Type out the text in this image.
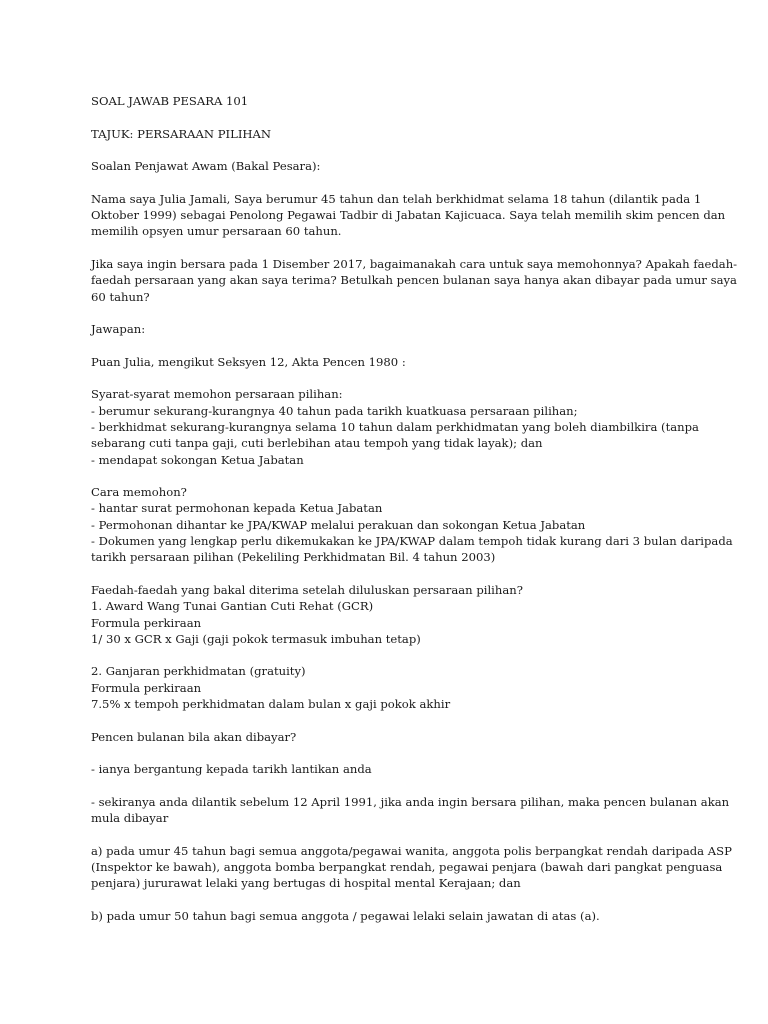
SOAL JAWAB PESARA 101

TAJUK: PERSARAAN PILIHAN

Soalan Penjawat Awam (Bakal Pesara):

Nama saya Julia Jamali, Saya berumur 45 tahun dan telah berkhidmat selama 18 tahun (dilantik pada 1
Oktober 1999) sebagai Penolong Pegawai Tadbir di Jabatan Kajicuaca. Saya telah memilih skim pencen dan
memilih opsyen umur persaraan 60 tahun.

Jika saya ingin bersara pada 1 Disember 2017, bagaimanakah cara untuk saya memohonnya? Apakah faedah-
faedah persaraan yang akan saya terima? Betulkah pencen bulanan saya hanya akan dibayar pada umur saya
60 tahun?

Jawapan:

Puan Julia, mengikut Seksyen 12, Akta Pencen 1980 :

Syarat-syarat memohon persaraan pilihan:
- berumur sekurang-kurangnya 40 tahun pada tarikh kuatkuasa persaraan pilihan;
- berkhidmat sekurang-kurangnya selama 10 tahun dalam perkhidmatan yang boleh diambilkira (tanpa
sebarang cuti tanpa gaji, cuti berlebihan atau tempoh yang tidak layak); dan
- mendapat sokongan Ketua Jabatan

Cara memohon?
- hantar surat permohonan kepada Ketua Jabatan
- Permohonan dihantar ke JPA/KWAP melalui perakuan dan sokongan Ketua Jabatan
- Dokumen yang lengkap perlu dikemukakan ke JPA/KWAP dalam tempoh tidak kurang dari 3 bulan daripada
tarikh persaraan pilihan (Pekeliling Perkhidmatan Bil. 4 tahun 2003)

Faedah-faedah yang bakal diterima setelah diluluskan persaraan pilihan?
1. Award Wang Tunai Gantian Cuti Rehat (GCR)
Formula perkiraan
1/ 30 x GCR x Gaji (gaji pokok termasuk imbuhan tetap)

2. Ganjaran perkhidmatan (gratuity)
Formula perkiraan
7.5% x tempoh perkhidmatan dalam bulan x gaji pokok akhir

Pencen bulanan bila akan dibayar?

- ianya bergantung kepada tarikh lantikan anda

- sekiranya anda dilantik sebelum 12 April 1991, jika anda ingin bersara pilihan, maka pencen bulanan akan
mula dibayar

a) pada umur 45 tahun bagi semua anggota/pegawai wanita, anggota polis berpangkat rendah daripada ASP
(Inspektor ke bawah), anggota bomba berpangkat rendah, pegawai penjara (bawah dari pangkat penguasa
penjara) jururawat lelaki yang bertugas di hospital mental Kerajaan; dan

b) pada umur 50 tahun bagi semua anggota / pegawai lelaki selain jawatan di atas (a).
